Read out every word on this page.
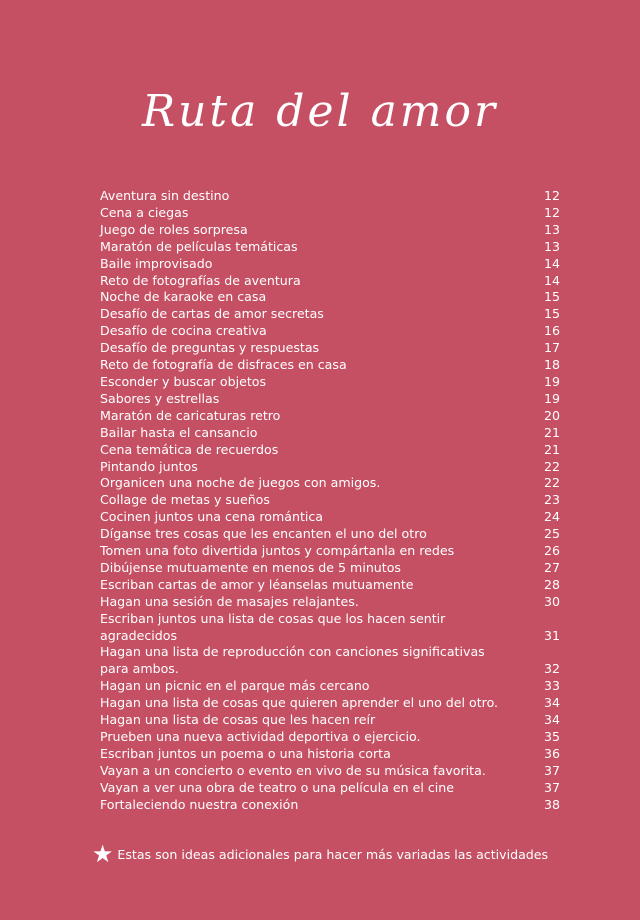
Ruta del amor
Aventura sin destino	12
Cena a ciegas	12
Juego de roles sorpresa	13
Maratón de películas temáticas	13
Baile improvisado	14
Reto de fotografías de aventura	14
Noche de karaoke en casa	15
Desafío de cartas de amor secretas	15
Desafío de cocina creativa	16
Desafío de preguntas y respuestas	17
Reto de fotografía de disfraces en casa	18
Esconder y buscar objetos	19
Sabores y estrellas	19
Maratón de caricaturas retro	20
Bailar hasta el cansancio	21
Cena temática de recuerdos	21
Pintando juntos	22
Organicen una noche de juegos con amigos.	22
Collage de metas y sueños	23
Cocinen juntos una cena romántica	24
Díganse tres cosas que les encanten el uno del otro	25
Tomen una foto divertida juntos y compártanla en redes	26
Dibújense mutuamente en menos de 5 minutos	27
Escriban cartas de amor y léanselas mutuamente	28
Hagan una sesión de masajes relajantes.	30
Escriban juntos una lista de cosas que los hacen sentir agradecidos	31
Hagan una lista de reproducción con canciones significativas para ambos.	32
Hagan un picnic en el parque más cercano	33
Hagan una lista de cosas que quieren aprender el uno del otro.	34
Hagan una lista de cosas que les hacen reír	34
Prueben una nueva actividad deportiva o ejercicio.	35
Escriban juntos un poema o una historia corta	36
Vayan a un concierto o evento en vivo de su música favorita.	37
Vayan a ver una obra de teatro o una película en el cine	37
Fortaleciendo nuestra conexión	38
★ Estas son ideas adicionales para hacer más variadas las actividades
